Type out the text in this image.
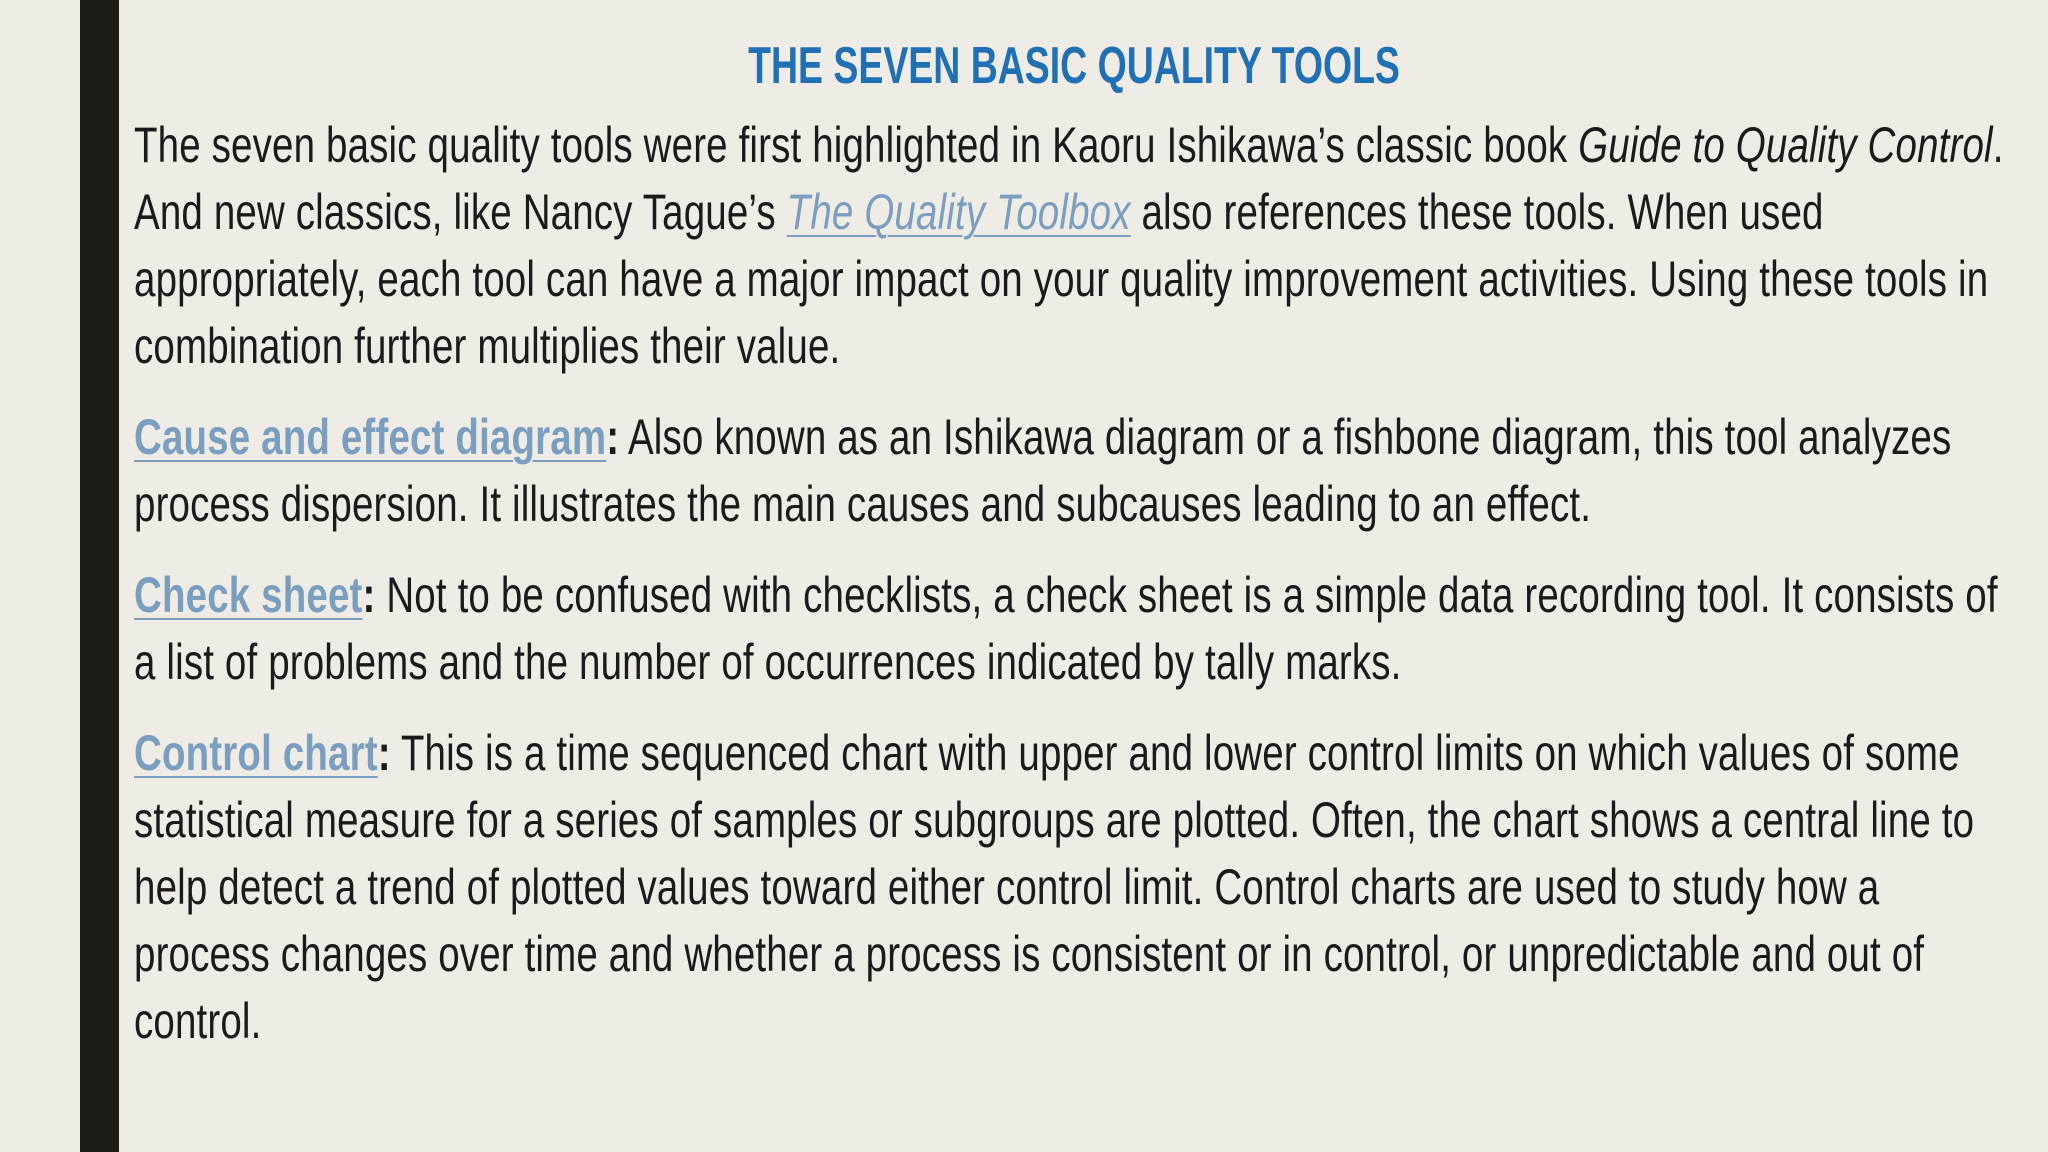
THE SEVEN BASIC QUALITY TOOLS

The seven basic quality tools were first highlighted in Kaoru Ishikawa’s classic book Guide to Quality Control. And new classics, like Nancy Tague’s The Quality Toolbox also references these tools. When used appropriately, each tool can have a major impact on your quality improvement activities. Using these tools in combination further multiplies their value.

Cause and effect diagram: Also known as an Ishikawa diagram or a fishbone diagram, this tool analyzes process dispersion. It illustrates the main causes and subcauses leading to an effect.

Check sheet: Not to be confused with checklists, a check sheet is a simple data recording tool. It consists of a list of problems and the number of occurrences indicated by tally marks.

Control chart: This is a time sequenced chart with upper and lower control limits on which values of some statistical measure for a series of samples or subgroups are plotted. Often, the chart shows a central line to help detect a trend of plotted values toward either control limit. Control charts are used to study how a process changes over time and whether a process is consistent or in control, or unpredictable and out of control.
